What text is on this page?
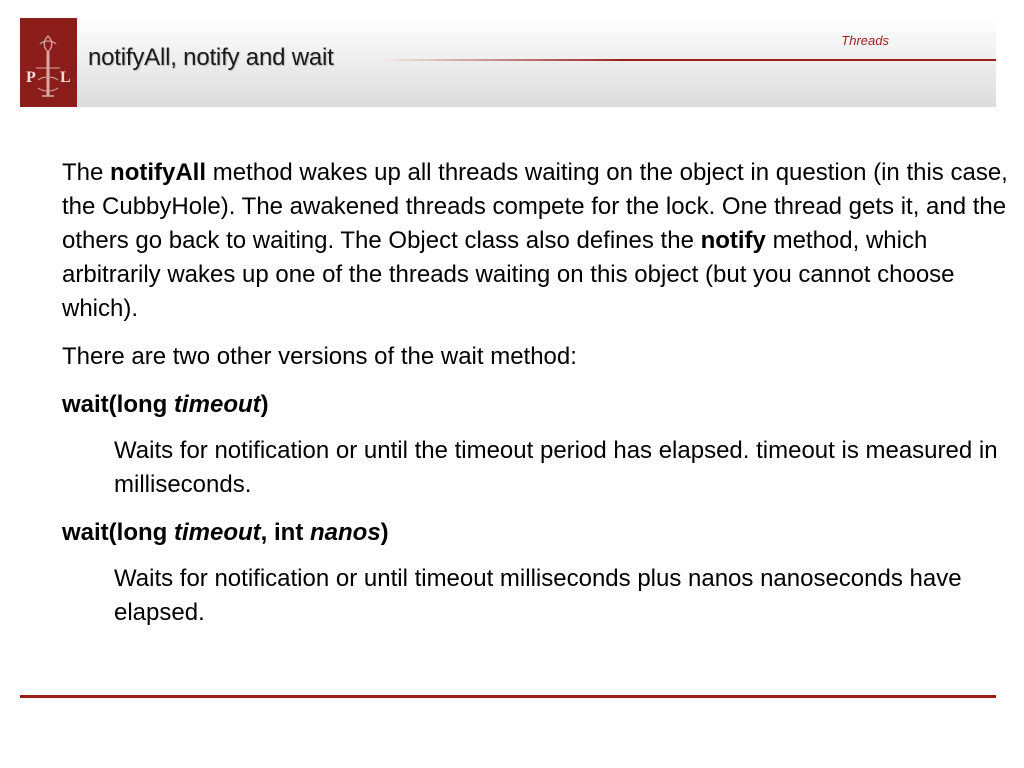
P L
Threads
notifyAll, notify and wait

The notifyAll method wakes up all threads waiting on the object in question (in this case, the CubbyHole). The awakened threads compete for the lock. One thread gets it, and the others go back to waiting. The Object class also defines the notify method, which arbitrarily wakes up one of the threads waiting on this object (but you cannot choose which).

There are two other versions of the wait method:

wait(long timeout)

Waits for notification or until the timeout period has elapsed. timeout is measured in milliseconds.

wait(long timeout, int nanos)

Waits for notification or until timeout milliseconds plus nanos nanoseconds have elapsed.
